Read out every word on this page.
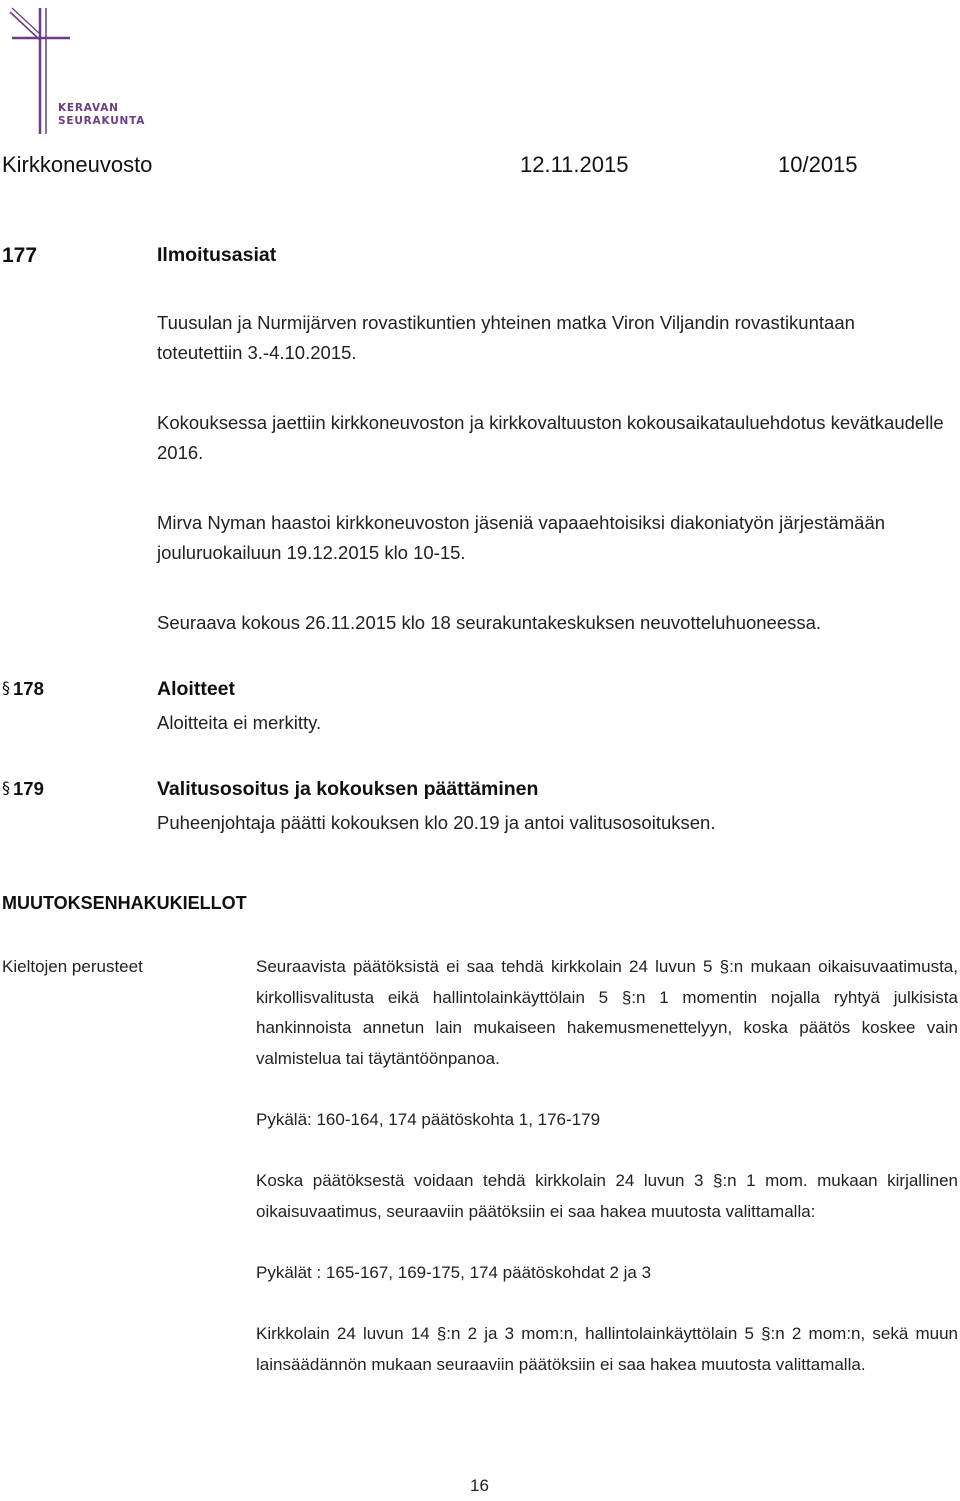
KERAVAN
SEURAKUNTA
Kirkkoneuvosto	12.11.2015	10/2015
177	Ilmoitusasiat
Tuusulan ja Nurmijärven rovastikuntien yhteinen matka Viron Viljandin rovastikuntaan toteutettiin 3.-4.10.2015.
Kokouksessa jaettiin kirkkoneuvoston ja kirkkovaltuuston kokousaikatauluehdotus kevätkaudelle 2016.
Mirva Nyman haastoi kirkkoneuvoston jäseniä vapaaehtoisiksi diakoniatyön järjestämään jouluruokailuun 19.12.2015 klo 10-15.
Seuraava kokous 26.11.2015 klo 18 seurakuntakeskuksen neuvotteluhuoneessa.
§ 178	Aloitteet
Aloitteita ei merkitty.
§ 179	Valitusosoitus ja kokouksen päättäminen
Puheenjohtaja päätti kokouksen klo 20.19 ja antoi valitusosoituksen.
MUUTOKSENHAKUKIELLOT
Kieltojen perusteet	Seuraavista päätöksistä ei saa tehdä kirkkolain 24 luvun 5 §:n mukaan oikaisuvaatimusta, kirkollisvalitusta eikä hallintolainkäyttölain 5 §:n 1 momentin nojalla ryhtyä julkisista hankinnoista annetun lain mukaiseen hakemusmenettelyyn, koska päätös koskee vain valmistelua tai täytäntöönpanoa.
Pykälä: 160-164, 174 päätöskohta 1, 176-179
Koska päätöksestä voidaan tehdä kirkkolain 24 luvun 3 §:n 1 mom. mukaan kirjallinen oikaisuvaatimus, seuraaviin päätöksiin ei saa hakea muutosta valittamalla:
Pykälät : 165-167, 169-175, 174 päätöskohdat 2 ja 3
Kirkkolain 24 luvun 14 §:n 2 ja 3 mom:n, hallintolainkäyttölain 5 §:n 2 mom:n, sekä muun lainsäädännön mukaan seuraaviin päätöksiin ei saa hakea muutosta valittamalla.
16
